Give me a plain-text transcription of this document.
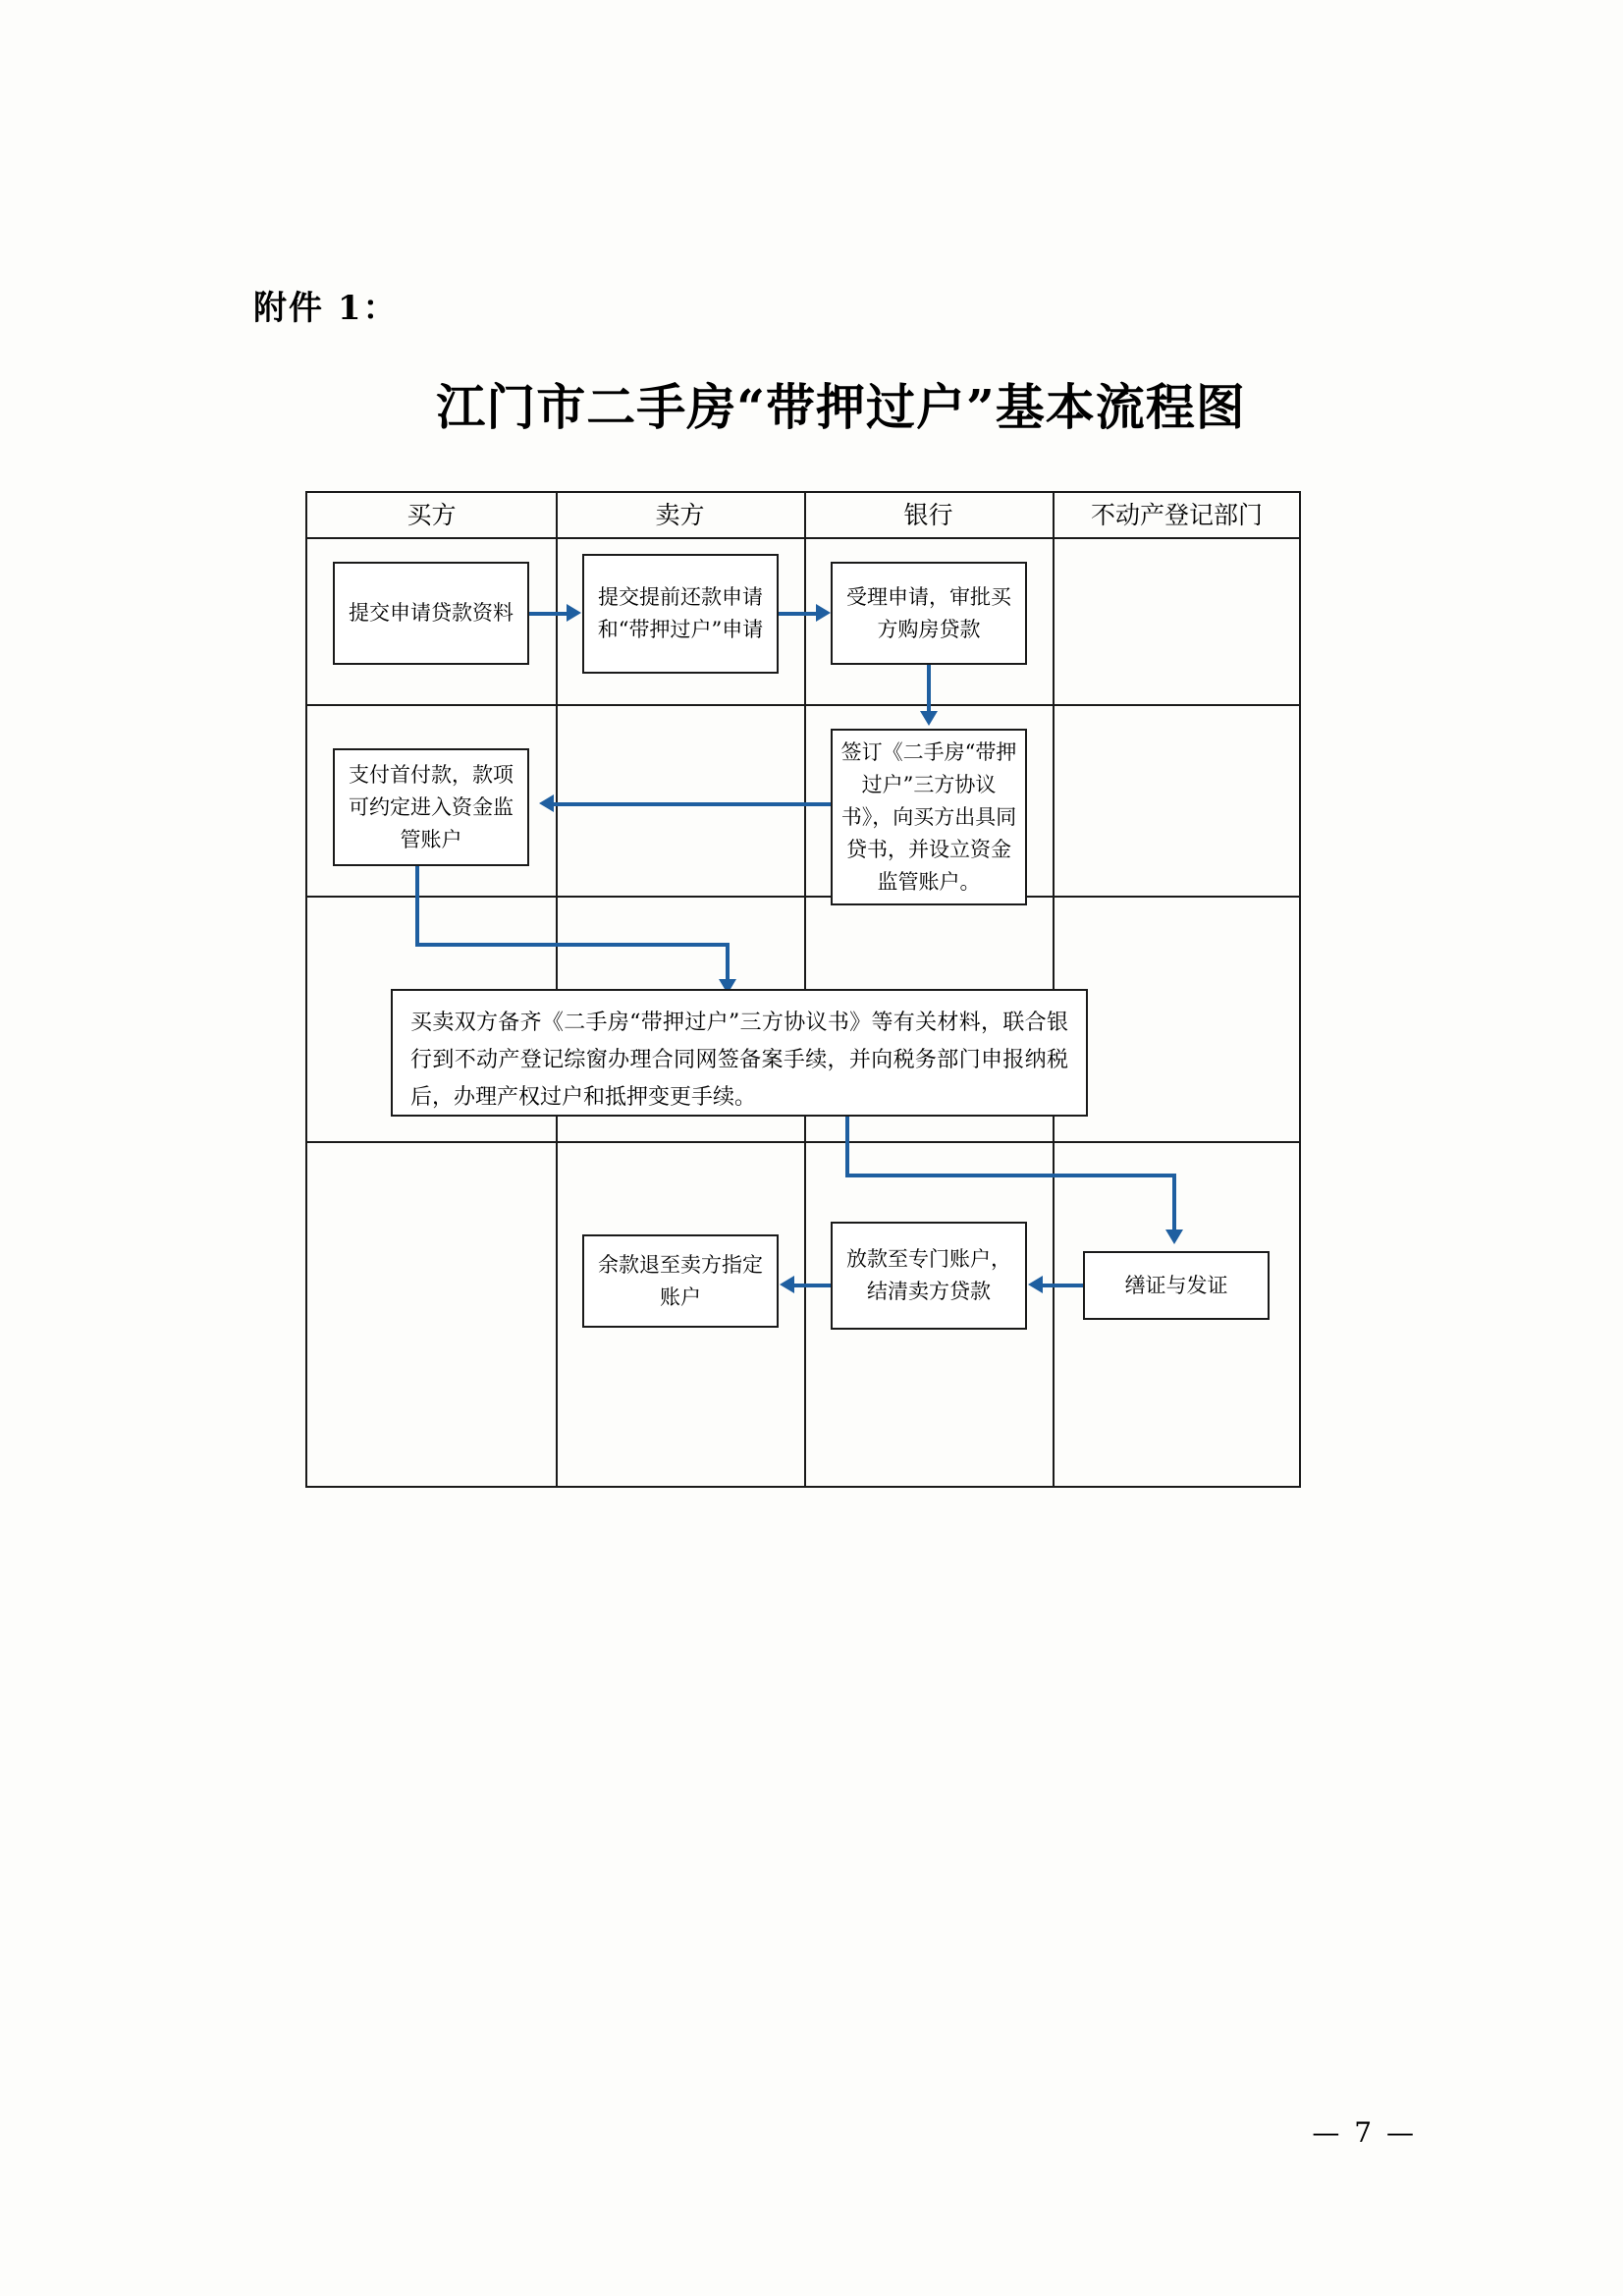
附件 1：
江门市二手房“带押过户”基本流程图
买方	卖方	银行	不动产登记部门
提交申请贷款资料
提交提前还款申请和“带押过户”申请
受理申请，审批买方购房贷款
签订《二手房“带押过户”三方协议书》，向买方出具同贷书，并设立资金监管账户。
支付首付款，款项可约定进入资金监管账户
买卖双方备齐《二手房“带押过户”三方协议书》等有关材料，联合银行到不动产登记综窗办理合同网签备案手续，并向税务部门申报纳税后，办理产权过户和抵押变更手续。
缮证与发证
放款至专门账户，结清卖方贷款
余款退至卖方指定账户
— 7 —
